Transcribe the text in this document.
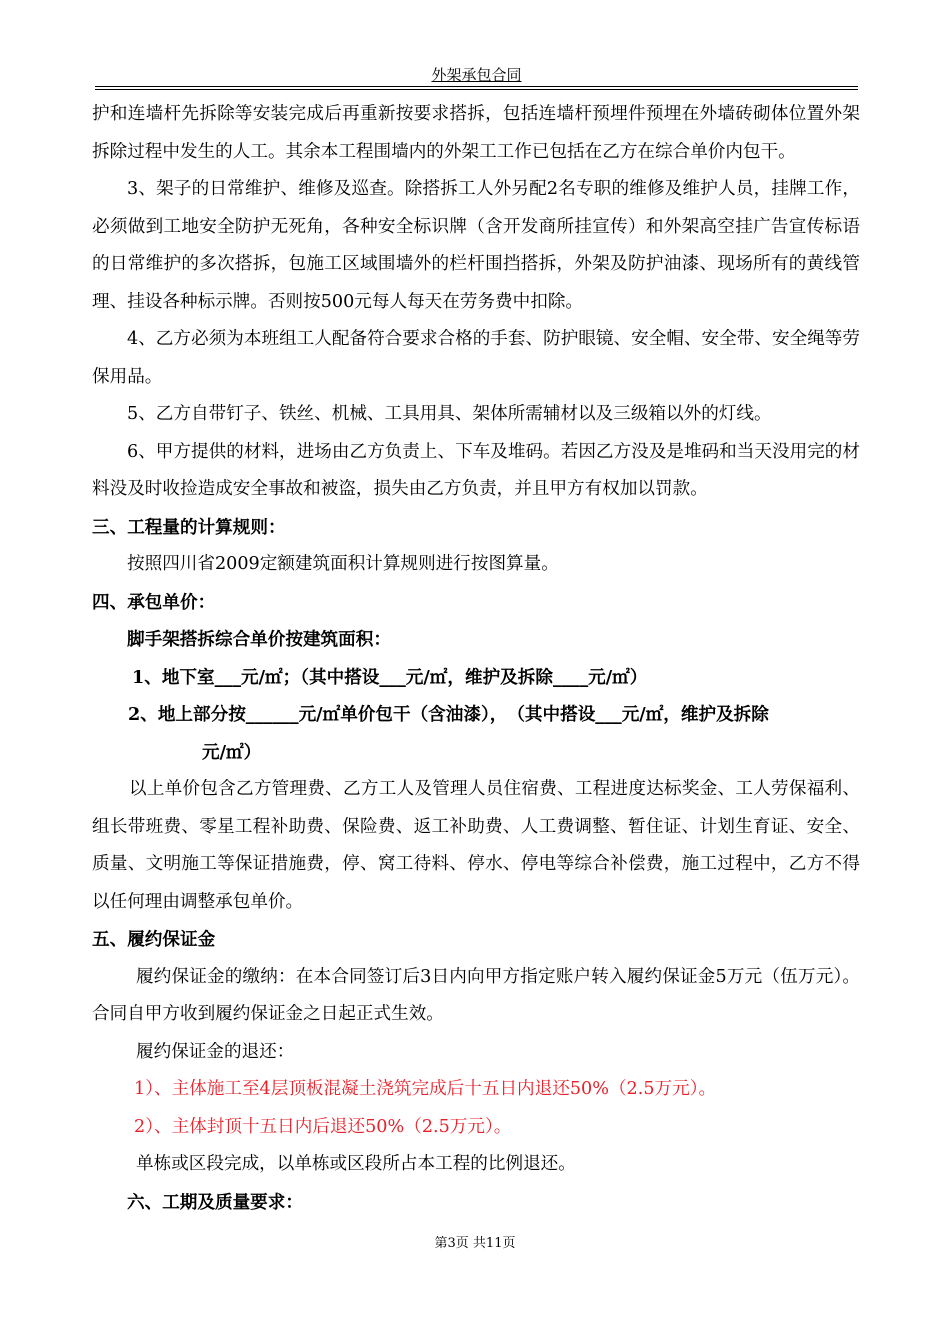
外架承包合同

护和连墙杆先拆除等安装完成后再重新按要求搭拆，包括连墙杆预埋件预埋在外墙砖砌体位置外架拆除过程中发生的人工。其余本工程围墙内的外架工工作已包括在乙方在综合单价内包干。

3、架子的日常维护、维修及巡查。除搭拆工人外另配2名专职的维修及维护人员，挂牌工作，必须做到工地安全防护无死角，各种安全标识牌（含开发商所挂宣传）和外架高空挂广告宣传标语的日常维护的多次搭拆，包施工区域围墙外的栏杆围挡搭拆，外架及防护油漆、现场所有的黄线管理、挂设各种标示牌。否则按500元每人每天在劳务费中扣除。

4、乙方必须为本班组工人配备符合要求合格的手套、防护眼镜、安全帽、安全带、安全绳等劳保用品。

5、乙方自带钉子、铁丝、机械、工具用具、架体所需辅材以及三级箱以外的灯线。

6、甲方提供的材料，进场由乙方负责上、下车及堆码。若因乙方没及是堆码和当天没用完的材料没及时收捡造成安全事故和被盗，损失由乙方负责，并且甲方有权加以罚款。

三、工程量的计算规则：

按照四川省2009定额建筑面积计算规则进行按图算量。

四、承包单价：

脚手架搭拆综合单价按建筑面积：

1、地下室___元/㎡；（其中搭设___元/㎡，维护及拆除____元/㎡）

2、地上部分按______元/㎡单价包干（含油漆），　（其中搭设___元/㎡，维护及拆除

元/㎡）

以上单价包含乙方管理费、乙方工人及管理人员住宿费、工程进度达标奖金、工人劳保福利、组长带班费、零星工程补助费、保险费、返工补助费、人工费调整、暂住证、计划生育证、安全、质量、文明施工等保证措施费，停、窝工待料、停水、停电等综合补偿费，施工过程中，乙方不得以任何理由调整承包单价。

五、履约保证金

履约保证金的缴纳：在本合同签订后3日内向甲方指定账户转入履约保证金5万元（伍万元）。合同自甲方收到履约保证金之日起正式生效。

履约保证金的退还：

1）、主体施工至4层顶板混凝土浇筑完成后十五日内退还50%（2.5万元）。

2）、主体封顶十五日内后退还50%（2.5万元）。

单栋或区段完成，以单栋或区段所占本工程的比例退还。

六、工期及质量要求：

第3页 共11页
